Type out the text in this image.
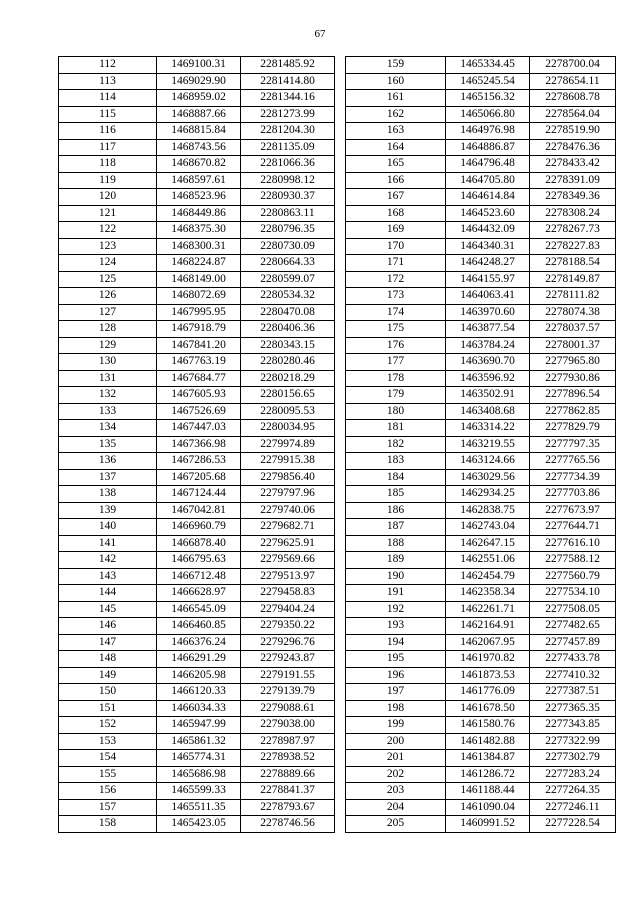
67
112	1469100.31	2281485.92
113	1469029.90	2281414.80
114	1468959.02	2281344.16
115	1468887.66	2281273.99
116	1468815.84	2281204.30
117	1468743.56	2281135.09
118	1468670.82	2281066.36
119	1468597.61	2280998.12
120	1468523.96	2280930.37
121	1468449.86	2280863.11
122	1468375.30	2280796.35
123	1468300.31	2280730.09
124	1468224.87	2280664.33
125	1468149.00	2280599.07
126	1468072.69	2280534.32
127	1467995.95	2280470.08
128	1467918.79	2280406.36
129	1467841.20	2280343.15
130	1467763.19	2280280.46
131	1467684.77	2280218.29
132	1467605.93	2280156.65
133	1467526.69	2280095.53
134	1467447.03	2280034.95
135	1467366.98	2279974.89
136	1467286.53	2279915.38
137	1467205.68	2279856.40
138	1467124.44	2279797.96
139	1467042.81	2279740.06
140	1466960.79	2279682.71
141	1466878.40	2279625.91
142	1466795.63	2279569.66
143	1466712.48	2279513.97
144	1466628.97	2279458.83
145	1466545.09	2279404.24
146	1466460.85	2279350.22
147	1466376.24	2279296.76
148	1466291.29	2279243.87
149	1466205.98	2279191.55
150	1466120.33	2279139.79
151	1466034.33	2279088.61
152	1465947.99	2279038.00
153	1465861.32	2278987.97
154	1465774.31	2278938.52
155	1465686.98	2278889.66
156	1465599.33	2278841.37
157	1465511.35	2278793.67
158	1465423.05	2278746.56
159	1465334.45	2278700.04
160	1465245.54	2278654.11
161	1465156.32	2278608.78
162	1465066.80	2278564.04
163	1464976.98	2278519.90
164	1464886.87	2278476.36
165	1464796.48	2278433.42
166	1464705.80	2278391.09
167	1464614.84	2278349.36
168	1464523.60	2278308.24
169	1464432.09	2278267.73
170	1464340.31	2278227.83
171	1464248.27	2278188.54
172	1464155.97	2278149.87
173	1464063.41	2278111.82
174	1463970.60	2278074.38
175	1463877.54	2278037.57
176	1463784.24	2278001.37
177	1463690.70	2277965.80
178	1463596.92	2277930.86
179	1463502.91	2277896.54
180	1463408.68	2277862.85
181	1463314.22	2277829.79
182	1463219.55	2277797.35
183	1463124.66	2277765.56
184	1463029.56	2277734.39
185	1462934.25	2277703.86
186	1462838.75	2277673.97
187	1462743.04	2277644.71
188	1462647.15	2277616.10
189	1462551.06	2277588.12
190	1462454.79	2277560.79
191	1462358.34	2277534.10
192	1462261.71	2277508.05
193	1462164.91	2277482.65
194	1462067.95	2277457.89
195	1461970.82	2277433.78
196	1461873.53	2277410.32
197	1461776.09	2277387.51
198	1461678.50	2277365.35
199	1461580.76	2277343.85
200	1461482.88	2277322.99
201	1461384.87	2277302.79
202	1461286.72	2277283.24
203	1461188.44	2277264.35
204	1461090.04	2277246.11
205	1460991.52	2277228.54
